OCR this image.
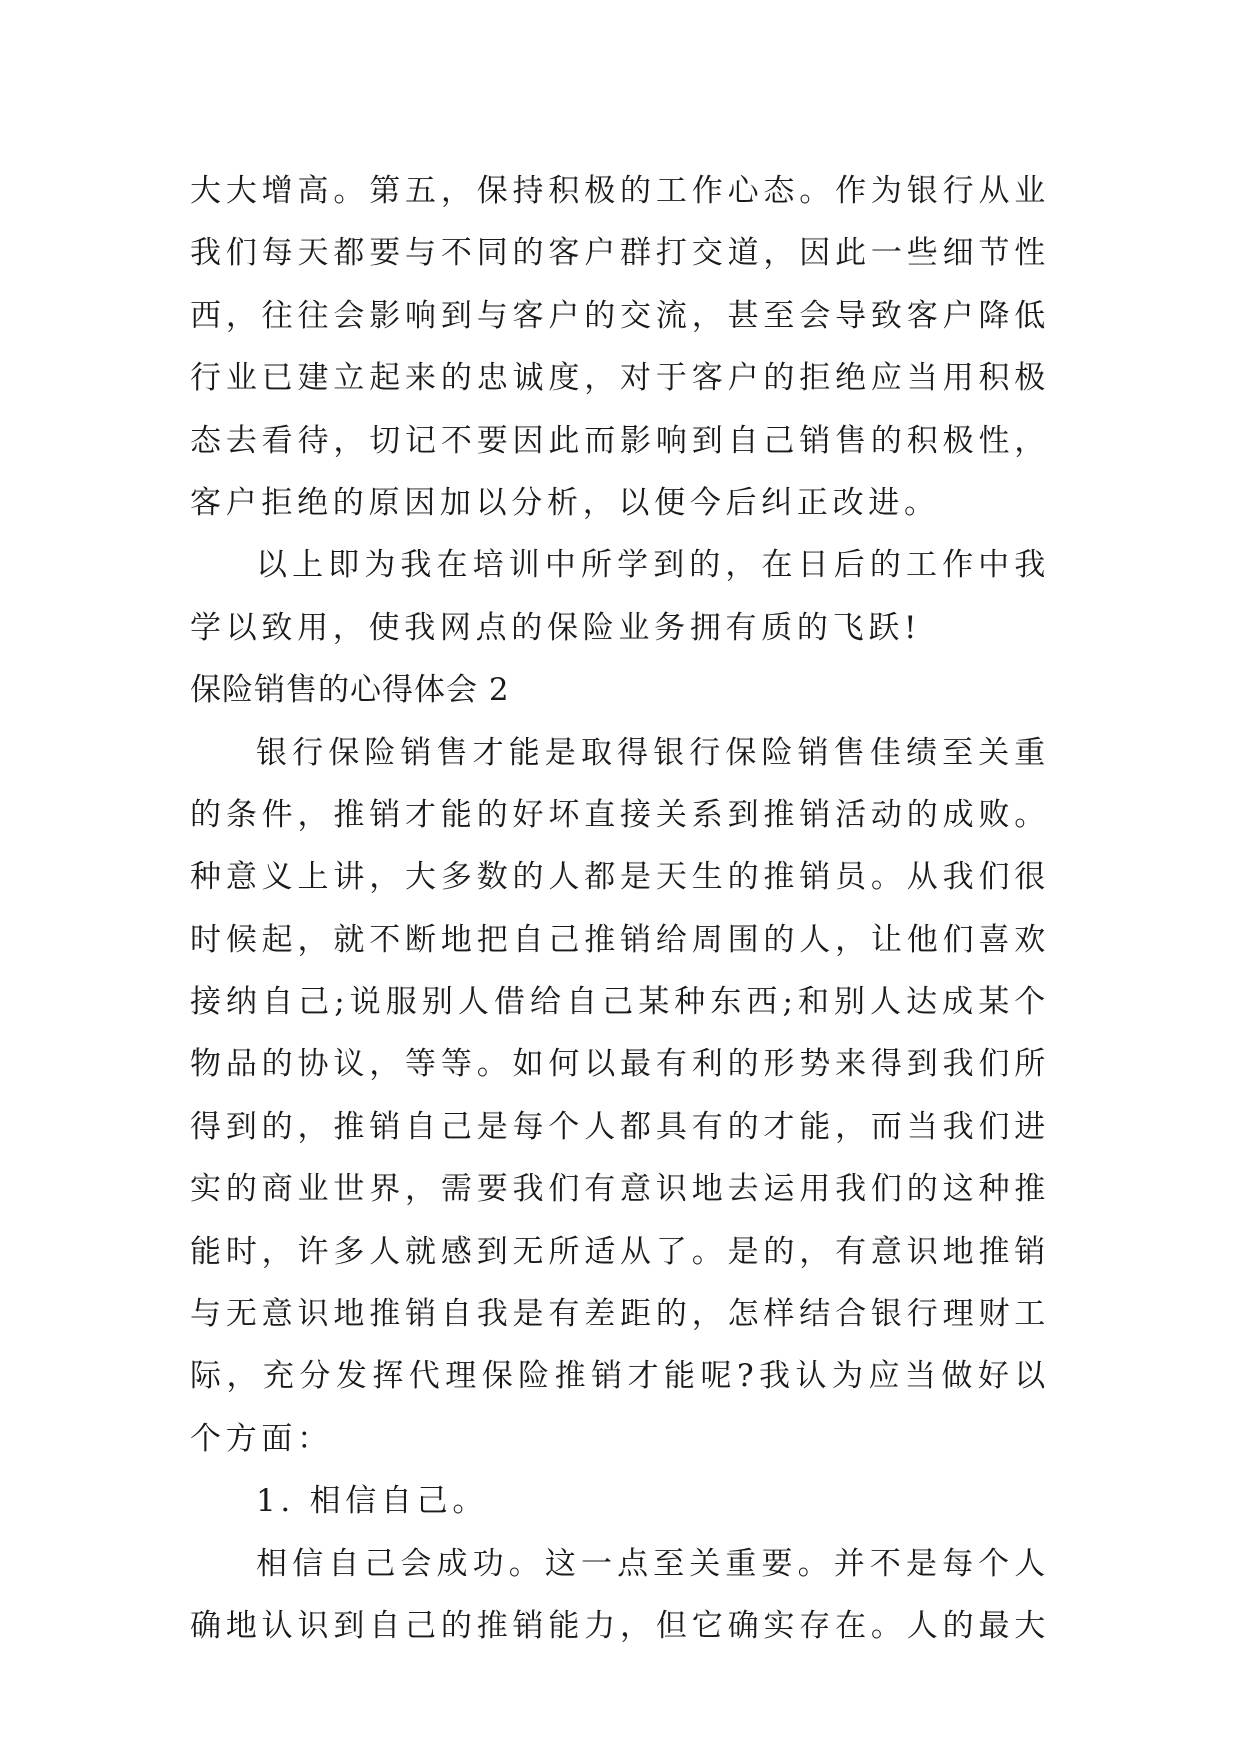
大大增高。第五，保持积极的工作心态。作为银行从业
我们每天都要与不同的客户群打交道，因此一些细节性
西，往往会影响到与客户的交流，甚至会导致客户降低
行业已建立起来的忠诚度，对于客户的拒绝应当用积极
态去看待，切记不要因此而影响到自己销售的积极性，
客户拒绝的原因加以分析，以便今后纠正改进。
以上即为我在培训中所学到的，在日后的工作中我
学以致用，使我网点的保险业务拥有质的飞跃!
保险销售的心得体会 2
银行保险销售才能是取得银行保险销售佳绩至关重
的条件，推销才能的好坏直接关系到推销活动的成败。
种意义上讲，大多数的人都是天生的推销员。从我们很
时候起，就不断地把自己推销给周围的人，让他们喜欢
接纳自己;说服别人借给自己某种东西;和别人达成某个
物品的协议，等等。如何以最有利的形势来得到我们所
得到的，推销自己是每个人都具有的才能，而当我们进
实的商业世界，需要我们有意识地去运用我们的这种推
能时，许多人就感到无所适从了。是的，有意识地推销
与无意识地推销自我是有差距的，怎样结合银行理财工
际，充分发挥代理保险推销才能呢?我认为应当做好以
个方面：
1. 相信自己。
相信自己会成功。这一点至关重要。并不是每个人
确地认识到自己的推销能力，但它确实存在。人的最大
